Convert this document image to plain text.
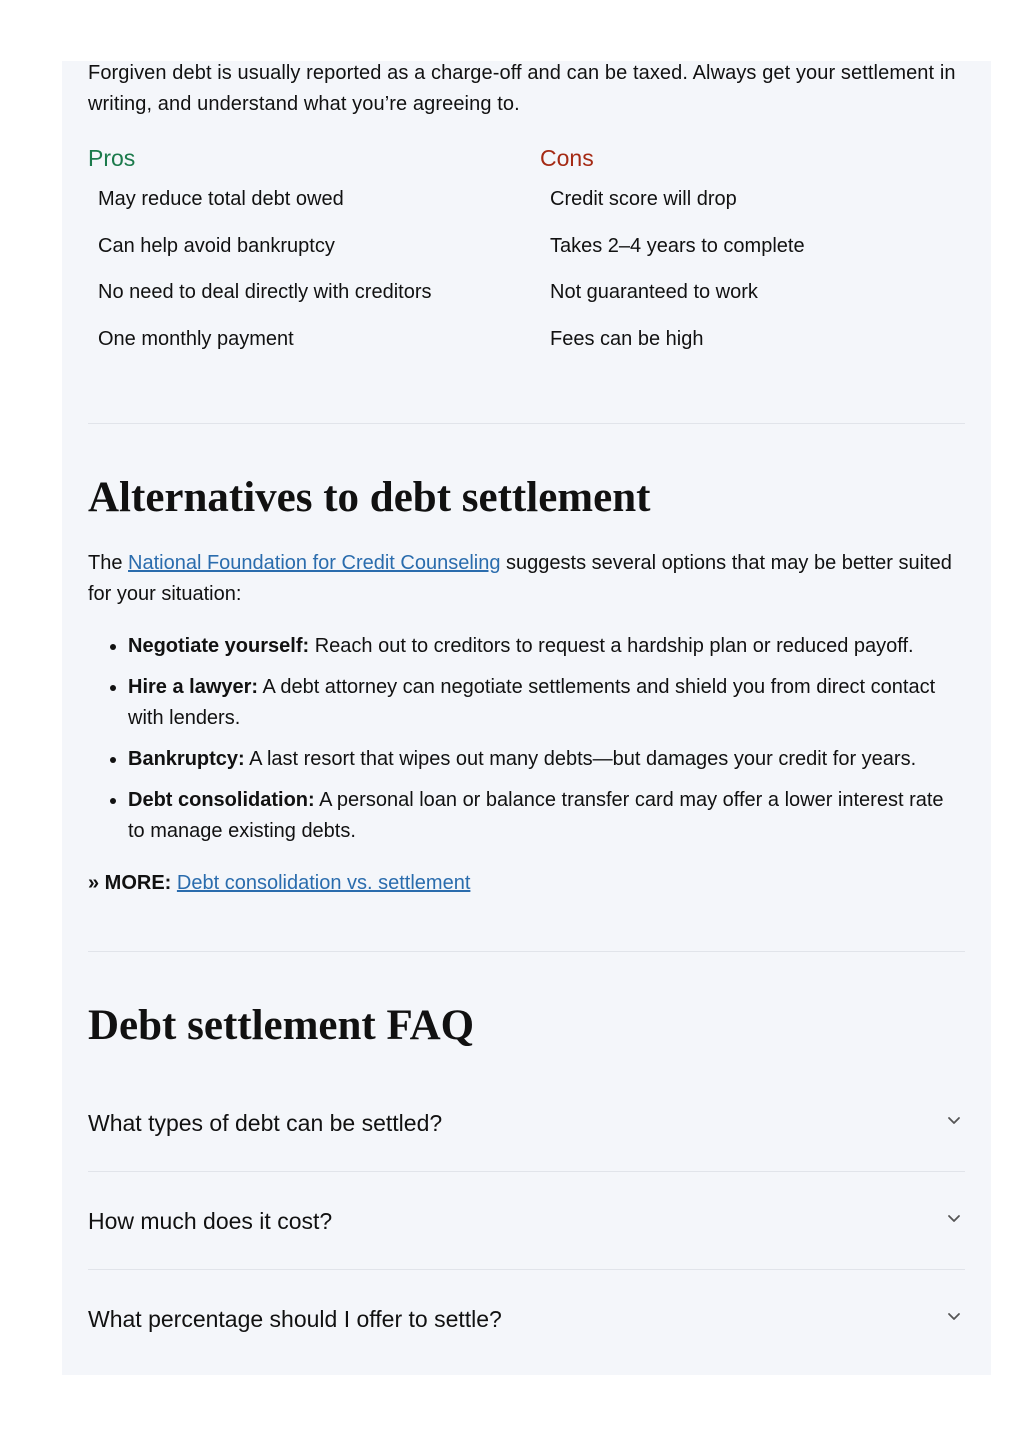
Forgiven debt is usually reported as a charge-off and can be taxed. Always get your settlement in writing, and understand what you’re agreeing to.

Pros
May reduce total debt owed
Can help avoid bankruptcy
No need to deal directly with creditors
One monthly payment
Cons
Credit score will drop
Takes 2–4 years to complete
Not guaranteed to work
Fees can be high
Alternatives to debt settlement

The National Foundation for Credit Counseling suggests several options that may be better suited for your situation:

• Negotiate yourself: Reach out to creditors to request a hardship plan or reduced payoff.
• Hire a lawyer: A debt attorney can negotiate settlements and shield you from direct contact with lenders.
• Bankruptcy: A last resort that wipes out many debts—but damages your credit for years.
• Debt consolidation: A personal loan or balance transfer card may offer a lower interest rate to manage existing debts.

» MORE: Debt consolidation vs. settlement

Debt settlement FAQ
What types of debt can be settled?
How much does it cost?
What percentage should I offer to settle?
